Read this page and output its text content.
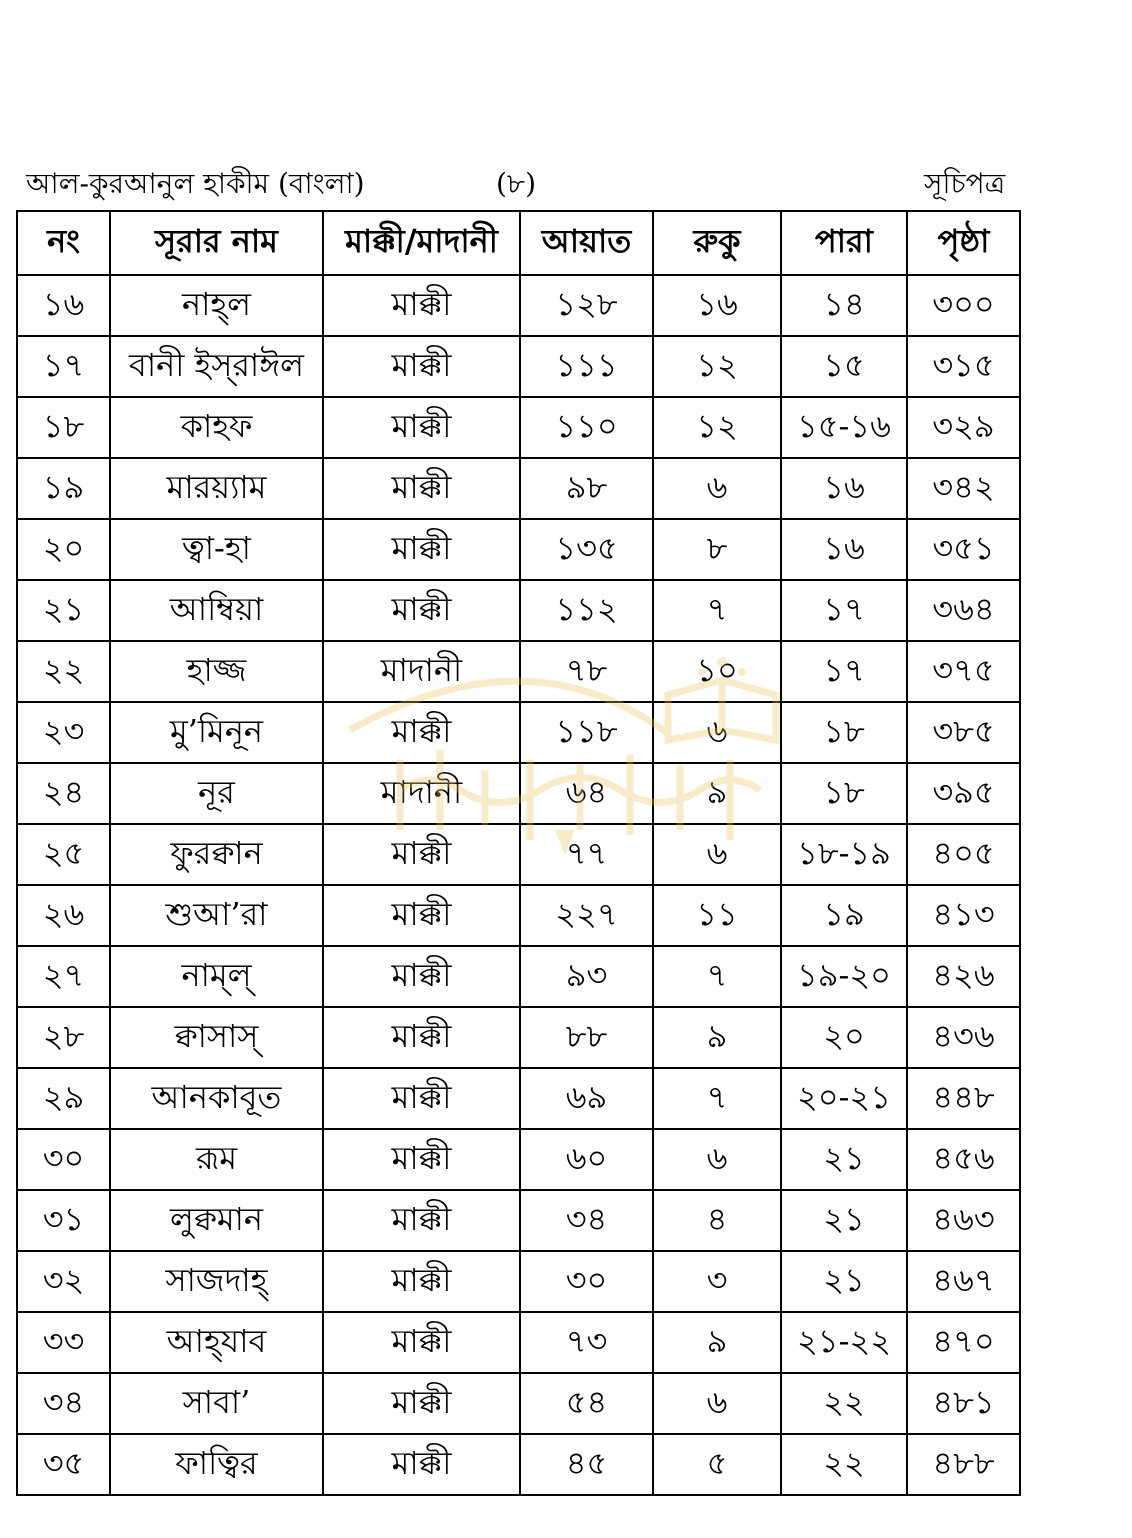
আল-কুরআনুল হাকীম (বাংলা)	(৮)	সূচিপত্র
নং	সূরার নাম	মাক্কী/মাদানী	আয়াত	রুকু	পারা	পৃষ্ঠা
১৬	নাহ্‌ল	মাক্কী	১২৮	১৬	১৪	৩০০
১৭	বানী ইস্‌রাঈল	মাক্কী	১১১	১২	১৫	৩১৫
১৮	কাহফ	মাক্কী	১১০	১২	১৫-১৬	৩২৯
১৯	মারয়্যাম	মাক্কী	৯৮	৬	১৬	৩৪২
২০	ত্বা-হা	মাক্কী	১৩৫	৮	১৬	৩৫১
২১	আম্বিয়া	মাক্কী	১১২	৭	১৭	৩৬৪
২২	হাজ্জ	মাদানী	৭৮	১০	১৭	৩৭৫
২৩	মু’মিনূন	মাক্কী	১১৮	৬	১৮	৩৮৫
২৪	নূর	মাদানী	৬৪	৯	১৮	৩৯৫
২৫	ফুরক্বান	মাক্কী	৭৭	৬	১৮-১৯	৪০৫
২৬	শুআ’রা	মাক্কী	২২৭	১১	১৯	৪১৩
২৭	নাম্‌ল্‌	মাক্কী	৯৩	৭	১৯-২০	৪২৬
২৮	ক্বাসাস্‌	মাক্কী	৮৮	৯	২০	৪৩৬
২৯	আনকাবূত	মাক্কী	৬৯	৭	২০-২১	৪৪৮
৩০	রূম	মাক্কী	৬০	৬	২১	৪৫৬
৩১	লুক্বমান	মাক্কী	৩৪	৪	২১	৪৬৩
৩২	সাজদাহ্‌	মাক্কী	৩০	৩	২১	৪৬৭
৩৩	আহ্‌যাব	মাক্কী	৭৩	৯	২১-২২	৪৭০
৩৪	সাবা’	মাক্কী	৫৪	৬	২২	৪৮১
৩৫	ফাত্বির	মাক্কী	৪৫	৫	২২	৪৮৮
